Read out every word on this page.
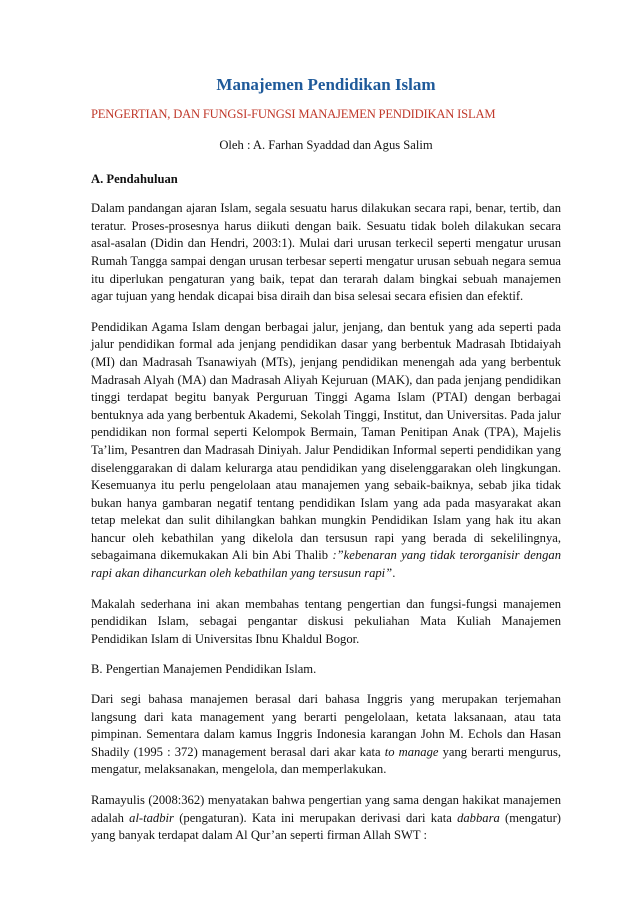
Manajemen Pendidikan Islam
PENGERTIAN, DAN FUNGSI-FUNGSI MANAJEMEN PENDIDIKAN ISLAM
Oleh : A. Farhan Syaddad dan Agus Salim
A. Pendahuluan

Dalam pandangan ajaran Islam, segala sesuatu harus dilakukan secara rapi, benar, tertib, dan teratur. Proses-prosesnya harus diikuti dengan baik. Sesuatu tidak boleh dilakukan secara asal-asalan (Didin dan Hendri, 2003:1). Mulai dari urusan terkecil seperti mengatur urusan Rumah Tangga sampai dengan urusan terbesar seperti mengatur urusan sebuah negara semua itu diperlukan pengaturan yang baik, tepat dan terarah dalam bingkai sebuah manajemen agar tujuan yang hendak dicapai bisa diraih dan bisa selesai secara efisien dan efektif.

Pendidikan Agama Islam dengan berbagai jalur, jenjang, dan bentuk yang ada seperti pada jalur pendidikan formal ada jenjang pendidikan dasar yang berbentuk Madrasah Ibtidaiyah (MI) dan Madrasah Tsanawiyah (MTs), jenjang pendidikan menengah ada yang berbentuk Madrasah Alyah (MA) dan Madrasah Aliyah Kejuruan (MAK), dan pada jenjang pendidikan tinggi terdapat begitu banyak Perguruan Tinggi Agama Islam (PTAI) dengan berbagai bentuknya ada yang berbentuk Akademi, Sekolah Tinggi, Institut, dan Universitas. Pada jalur pendidikan non formal seperti Kelompok Bermain, Taman Penitipan Anak (TPA), Majelis Ta’lim, Pesantren dan Madrasah Diniyah. Jalur Pendidikan Informal seperti pendidikan yang diselenggarakan di dalam kelurarga atau pendidikan yang diselenggarakan oleh lingkungan. Kesemuanya itu perlu pengelolaan atau manajemen yang sebaik-baiknya, sebab jika tidak bukan hanya gambaran negatif tentang pendidikan Islam yang ada pada masyarakat akan tetap melekat dan sulit dihilangkan bahkan mungkin Pendidikan Islam yang hak itu akan hancur oleh kebathilan yang dikelola dan tersusun rapi yang berada di sekelilingnya, sebagaimana dikemukakan Ali bin Abi Thalib :”kebenaran yang tidak terorganisir dengan rapi akan dihancurkan oleh kebathilan yang tersusun rapi”.

Makalah sederhana ini akan membahas tentang pengertian dan fungsi-fungsi manajemen pendidikan Islam, sebagai pengantar diskusi pekuliahan Mata Kuliah Manajemen Pendidikan Islam di Universitas Ibnu Khaldul Bogor.

B. Pengertian Manajemen Pendidikan Islam.

Dari segi bahasa manajemen berasal dari bahasa Inggris yang merupakan terjemahan langsung dari kata management yang berarti pengelolaan, ketata laksanaan, atau tata pimpinan. Sementara dalam kamus Inggris Indonesia karangan John M. Echols dan Hasan Shadily (1995 : 372) management berasal dari akar kata to manage yang berarti mengurus, mengatur, melaksanakan, mengelola, dan memperlakukan.

Ramayulis (2008:362) menyatakan bahwa pengertian yang sama dengan hakikat manajemen adalah al-tadbir (pengaturan). Kata ini merupakan derivasi dari kata dabbara (mengatur) yang banyak terdapat dalam Al Qur’an seperti firman Allah SWT :
